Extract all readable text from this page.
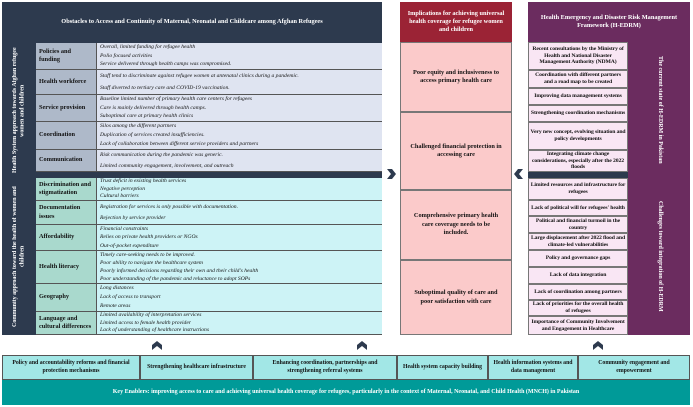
Obstacles to Access and Continuity of Maternal, Neonatal and Childcare among Afghan Refugees
Health System approach towards Afghan refugee women and children
Community approach toward the health of women and children
Policies and funding
Overall, limited funding for refugee health
Polio focused activities
Service delivered through health camps was compromised.
Health workforce
Staff tend to discriminate against refugee women at antenatal clinics during a pandemic.
Staff diverted to tertiary care and COVID-19 vaccination.
Service provision
Baseline limited number of primary health care centers for refugees
Care is mainly delivered through health camps.
Suboptimal care at primary health clinics
Coordination
Silos among the different partners
Duplication of services created insufficiencies.
Lack of collaboration between different service providers and partners
Communication
Risk communication during the pandemic was generic.
Limited community engagement, involvement, and outreach
Discrimination and stigmatization
Trust deficit in existing health services
Negative perception
Cultural barriers
Documentation issues
Registration for services is only possible with documentation.
Rejection by service provider
Affordability
Financial constraints
Relies on private health providers or NGOs
Out-of-pocket expenditure
Health literacy
Timely care-seeking needs to be improved.
Poor ability to navigate the healthcare system
Poorly informed decisions regarding their own and their child's health
Poor understanding of the pandemic and reluctance to adopt SOPs
Geography
Long distances
Lack of access to transport
Remote areas
Language and cultural differences
Limited availability of interpretation services
Limited access to female health provider
Lack of understanding of healthcare instructions
Implications for achieving universal health coverage for refugee women and children
Poor equity and inclusiveness to access primary health care
Challenged financial protection in accessing care
Comprehensive primary health care coverage needs to be included.
Suboptimal quality of care and poor satisfaction with care
Health Emergency and Disaster Risk Management Framework (H-EDRM)
The current state of H-EDRM in Pakistan
Challenges toward integration of H-EDRM
Recent consultations by the Ministry of Health and National Disaster Management Authority (NDMA)
Coordination with different partners and a road map to be created
Improving data management systems
Strengthening coordination mechanisms
Very new concept, evolving situation and policy developments
Integrating climate change considerations, especially after the 2022 floods
Limited resources and infrastructure for refugees
Lack of political will for refugees' health
Political and financial turmoil in the country
Large displacement after 2022 flood and climate-led vulnerabilities
Policy and governance gaps
Lack of data integration
Lack of coordination among partners
Lack of priorities for the overall health of refugees
Importance of Community Involvement and Engagement in Healthcare
Policy and accountability reforms and financial protection mechanisms
Strengthening healthcare infrastructure
Enhancing coordination, partnerships and strengthening referral systems
Health system capacity building
Health information systems and data management
Community engagement and empowerment
Key Enablers: improving access to care and achieving universal health coverage for refugees, particularly in the context of Maternal, Neonatal, and Child Health (MNCH) in Pakistan
